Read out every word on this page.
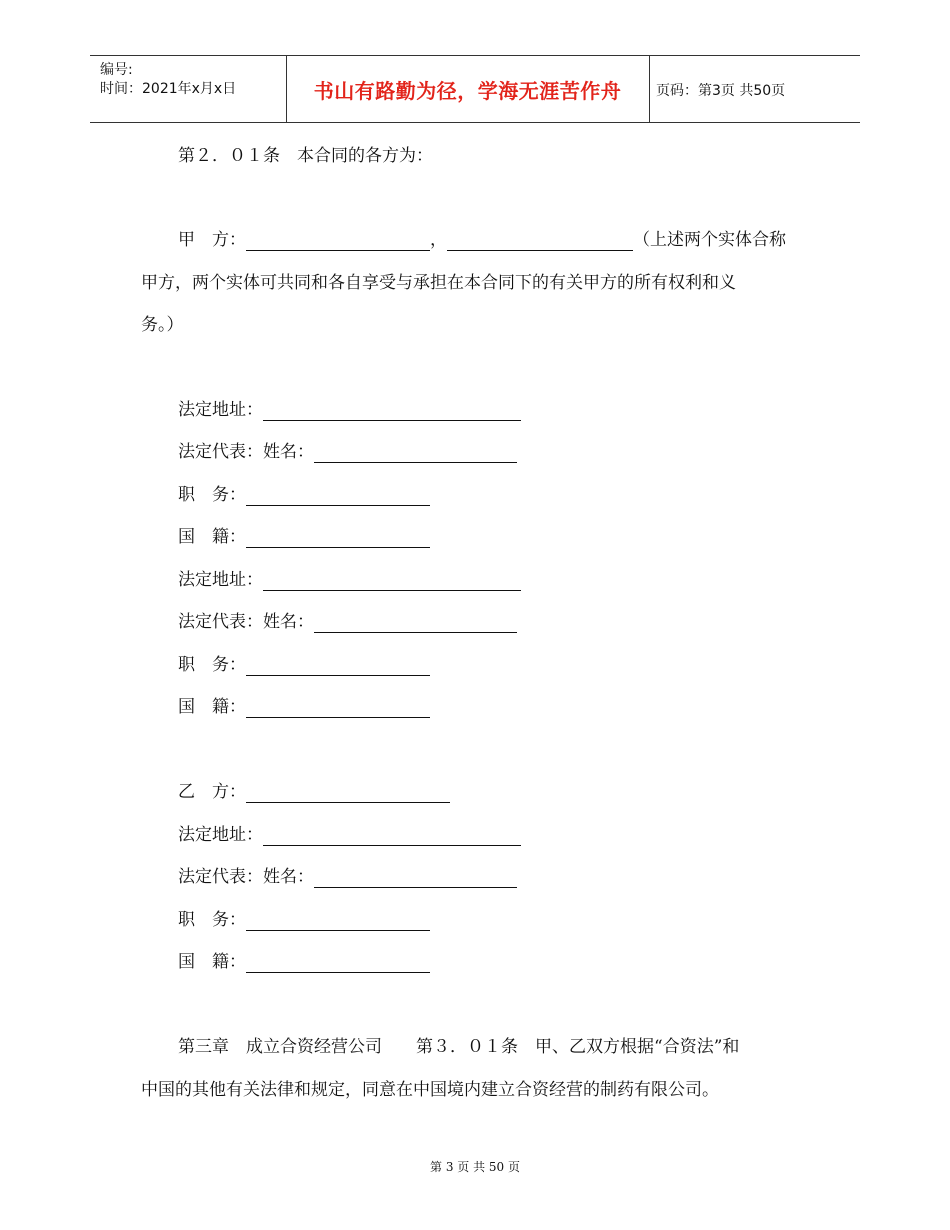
编号:
时间：2021年x月x日	书山有路勤为径，学海无涯苦作舟 页码：第3页 共50页
第２．０１条　本合同的各方为：
甲　方：	，	（上述两个实体合称
甲方，两个实体可共同和各自享受与承担在本合同下的有关甲方的所有权利和义
务。）
法定地址：
法定代表：姓名：
职　务：
国　籍：
法定地址：
法定代表：姓名：
职　务：
国　籍：
乙　方：
法定地址：
法定代表：姓名：
职　务：
国　籍：
第三章　成立合资经营公司　　第３．０１条　甲、乙双方根据“合资法”和
中国的其他有关法律和规定，同意在中国境内建立合资经营的制药有限公司。
第 3 页 共 50 页
